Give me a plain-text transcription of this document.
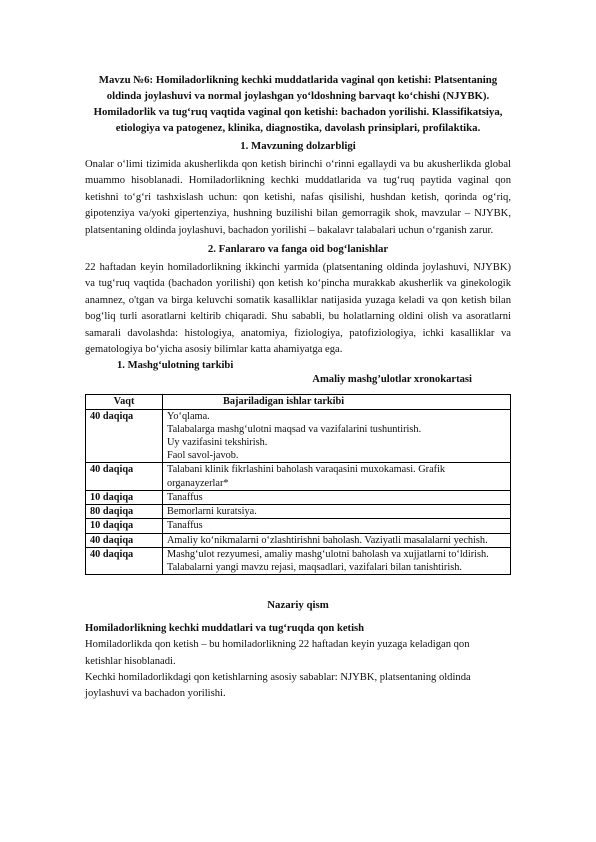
Mavzu №6: Homiladorlikning kechki muddatlarida vaginal qon ketishi: Platsentaning
oldinda joylashuvi va normal joylashgan yo‘ldoshning barvaqt ko‘chishi (NJYBK).
Homiladorlik va tug‘ruq vaqtida vaginal qon ketishi: bachadon yorilishi. Klassifikatsiya,
etiologiya va patogenez, klinika, diagnostika, davolash prinsiplari, profilaktika.
1. Mavzuning dolzarbligi

Onalar o‘limi tizimida akusherlikda qon ketish birinchi o‘rinni egallaydi va bu akusherlikda global muammo hisoblanadi. Homiladorlikning kechki muddatlarida va tug‘ruq paytida vaginal qon ketishni to‘g‘ri tashxislash uchun: qon ketishi, nafas qisilishi, hushdan ketish, qorinda og‘riq, gipotenziya va/yoki gipertenziya, hushning buzilishi bilan gemorragik shok, mavzular – NJYBK, platsentaning oldinda joylashuvi, bachadon yorilishi – bakalavr talabalari uchun o‘rganish zarur.

2. Fanlararo va fanga oid bog‘lanishlar

22 haftadan keyin homiladorlikning ikkinchi yarmida (platsentaning oldinda joylashuvi, NJYBK) va tug‘ruq vaqtida (bachadon yorilishi) qon ketish ko‘pincha murakkab akusherlik va ginekologik anamnez, o'tgan va birga keluvchi somatik kasalliklar natijasida yuzaga keladi va qon ketish bilan bog‘liq turli asoratlarni keltirib chiqaradi. Shu sababli, bu holatlarning oldini olish va asoratlarni samarali davolashda: histologiya, anatomiya, fiziologiya, patofiziologiya, ichki kasalliklar va gematologiya bo‘yicha asosiy bilimlar katta ahamiyatga ega.

1. Mashg‘ulotning tarkibi
Amaliy mashg’ulotlar xronokartasi
Vaqt	Bajariladigan ishlar tarkibi
40 daqiqa	Yo‘qlama.
Talabalarga mashg‘ulotni maqsad va vazifalarini tushuntirish.
Uy vazifasini tekshirish.
Faol savol-javob.

40 daqiqa	Talabani klinik fikrlashini baholash varaqasini muxokamasi. Grafik
organayzerlar*

10 daqiqa	Tanaffus

80 daqiqa	Bemorlarni kuratsiya.

10 daqiqa	Tanaffus

40 daqiqa	Amaliy ko‘nikmalarni o‘zlashtirishni baholash. Vaziyatli masalalarni yechish.

40 daqiqa	Mashg‘ulot rezyumesi, amaliy mashg‘ulotni baholash va xujjatlarni to‘ldirish.
Talabalarni yangi mavzu rejasi, maqsadlari, vazifalari bilan tanishtirish.
Nazariy qism
Homiladorlikning kechki muddatlari va tug‘ruqda qon ketish
Homiladorlikda qon ketish – bu homiladorlikning 22 haftadan keyin yuzaga keladigan qon
ketishlar hisoblanadi.
Kechki homiladorlikdagi qon ketishlarning asosiy sabablar: NJYBK, platsentaning oldinda
joylashuvi va bachadon yorilishi.
